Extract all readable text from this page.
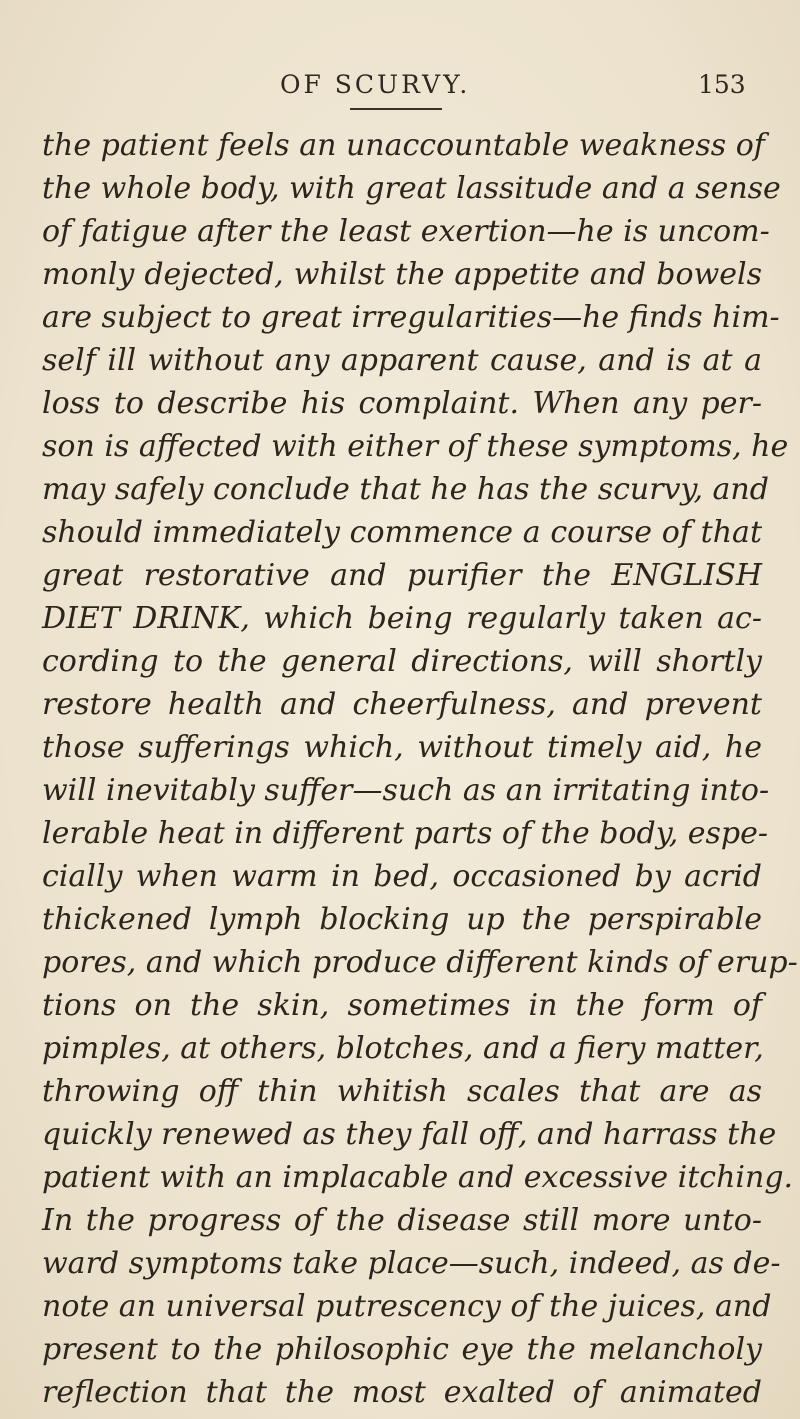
OF SCURVY.	153
the patient feels an unaccountable weakness of
the whole body, with great lassitude and a sense
of fatigue after the least exertion—he is uncom-
monly dejected, whilst the appetite and bowels
are subject to great irregularities—he finds him-
self ill without any apparent cause, and is at a
loss to describe his complaint. When any per-
son is affected with either of these symptoms, he
may safely conclude that he has the scurvy, and
should immediately commence a course of that
great restorative and purifier the ENGLISH
DIET DRINK, which being regularly taken ac-
cording to the general directions, will shortly
restore health and cheerfulness, and prevent
those sufferings which, without timely aid, he
will inevitably suffer—such as an irritating into-
lerable heat in different parts of the body, espe-
cially when warm in bed, occasioned by acrid
thickened lymph blocking up the perspirable
pores, and which produce different kinds of erup-
tions on the skin, sometimes in the form of
pimples, at others, blotches, and a fiery matter,
throwing off thin whitish scales that are as
quickly renewed as they fall off, and harrass the
patient with an implacable and excessive itching.
In the progress of the disease still more unto-
ward symptoms take place—such, indeed, as de-
note an universal putrescency of the juices, and
present to the philosophic eye the melancholy
reflection that the most exalted of animated
